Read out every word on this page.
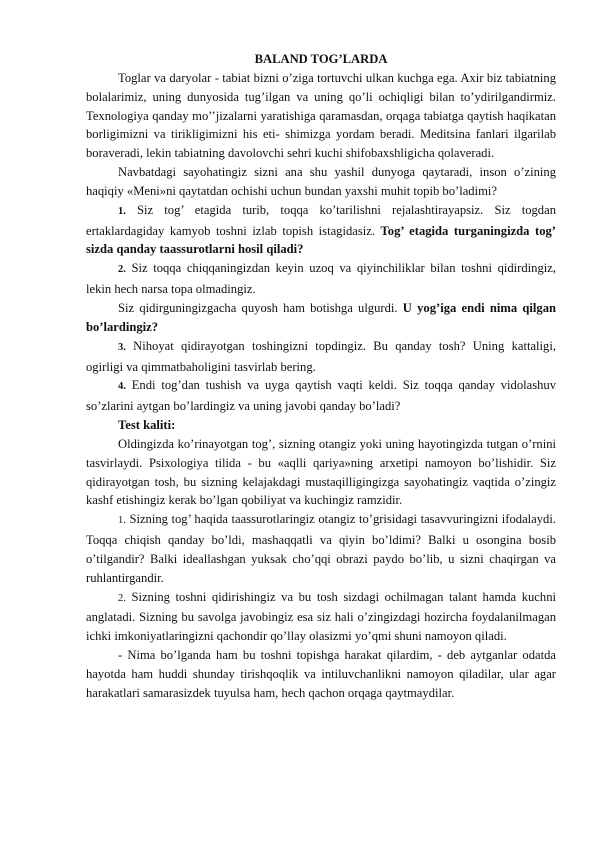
BALAND TOG’LARDA

Toglar va daryolar - tabiat bizni o’ziga tortuvchi ulkan kuchga ega. Axir biz tabiatning bolalarimiz, uning dunyosida tug’ilgan va uning qo’li ochiqligi bilan to’ydirilgandirmiz. Texnologiya qanday mo’’jizalarni yaratishiga qaramasdan, orqaga tabiatga qaytish haqikatan borligimizni va tirikligimizni his eti- shimizga yordam beradi. Meditsina fanlari ilgarilab boraveradi, lekin tabiatning davolovchi sehri kuchi shifobaxshligicha qolaveradi.

Navbatdagi sayohatingiz sizni ana shu yashil dunyoga qaytaradi, inson o’zining haqiqiy «Meni»ni qaytatdan ochishi uchun bundan yaxshi muhit topib bo’ladimi?

1. Siz tog’ etagida turib, toqqa ko’tarilishni rejalashtirayapsiz. Siz togdan ertaklardagiday kamyob toshni izlab topish istagidasiz. Tog’ etagida turganingizda tog’ sizda qanday taassurotlarni hosil qiladi?

2. Siz toqqa chiqqaningizdan keyin uzoq va qiyinchiliklar bilan toshni qidirdingiz, lekin hech narsa topa olmadingiz.

Siz qidirguningizgacha quyosh ham botishga ulgurdi. U yog’iga endi nima qilgan bo’lardingiz?

3. Nihoyat qidirayotgan toshingizni topdingiz. Bu qanday tosh? Uning kattaligi, ogirligi va qimmatbaholigini tasvirlab bering.

4. Endi tog’dan tushish va uyga qaytish vaqti keldi. Siz toqqa qanday vidolashuv so’zlarini aytgan bo’lardingiz va uning javobi qanday bo’ladi?

Test kaliti:

Oldingizda ko’rinayotgan tog’, sizning otangiz yoki uning hayotingizda tutgan o’rnini tasvirlaydi. Psixologiya tilida - bu «aqlli qariya»ning arxetipi namoyon bo’lishidir. Siz qidirayotgan tosh, bu sizning kelajakdagi mustaqilligingizga sayohatingiz vaqtida o’zingiz kashf etishingiz kerak bo’lgan qobiliyat va kuchingiz ramzidir.

1. Sizning tog’ haqida taassurotlaringiz otangiz to’grisidagi tasavvuringizni ifodalaydi. Toqqa chiqish qanday bo’ldi, mashaqqatli va qiyin bo’ldimi? Balki u osongina bosib o’tilgandir? Balki ideallashgan yuksak cho’qqi obrazi paydo bo’lib, u sizni chaqirgan va ruhlantirgandir.

2. Sizning toshni qidirishingiz va bu tosh sizdagi ochilmagan talant hamda kuchni anglatadi. Sizning bu savolga javobingiz esa siz hali o’zingizdagi hozircha foydalanilmagan ichki imkoniyatlaringizni qachondir qo’llay olasizmi yo’qmi shuni namoyon qiladi.

- Nima bo’lganda ham bu toshni topishga harakat qilardim, - deb aytganlar odatda hayotda ham huddi shunday tirishqoqlik va intiluvchanlikni namoyon qiladilar, ular agar harakatlari samarasizdek tuyulsa ham, hech qachon orqaga qaytmaydilar.
